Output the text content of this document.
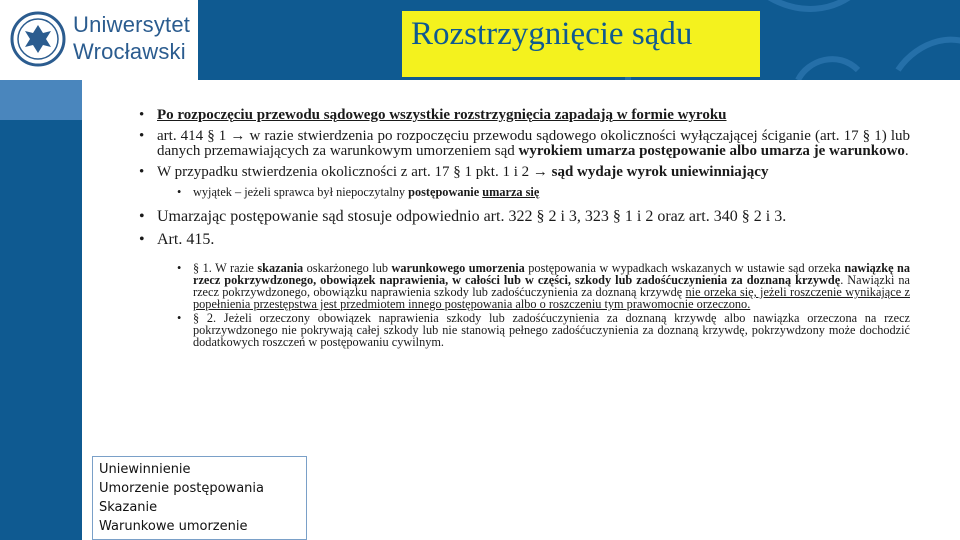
Uniwersytet
Wrocławski	Rozstrzygnięcie sądu
• Po rozpoczęciu przewodu sądowego wszystkie rozstrzygnięcia zapadają w formie wyroku
• art. 414 § 1 → w razie stwierdzenia po rozpoczęciu przewodu sądowego okoliczności wyłączającej ściganie (art. 17 § 1) lub danych przemawiających za warunkowym umorzeniem sąd wyrokiem umarza postępowanie albo umarza je warunkowo.
• W przypadku stwierdzenia okoliczności z art. 17 § 1 pkt. 1 i 2 → sąd wydaje wyrok uniewinniający
• wyjątek – jeżeli sprawca był niepoczytalny postępowanie umarza się
• Umarzając postępowanie sąd stosuje odpowiednio art. 322 § 2 i 3, 323 § 1 i 2 oraz art. 340 § 2 i 3.
• Art. 415.
• § 1. W razie skazania oskarżonego lub warunkowego umorzenia postępowania w wypadkach wskazanych w ustawie sąd orzeka nawiązkę na rzecz pokrzywdzonego, obowiązek naprawienia, w całości lub w części, szkody lub zadośćuczynienia za doznaną krzywdę. Nawiązki na rzecz pokrzywdzonego, obowiązku naprawienia szkody lub zadośćuczynienia za doznaną krzywdę nie orzeka się, jeżeli roszczenie wynikające z popełnienia przestępstwa jest przedmiotem innego postępowania albo o roszczeniu tym prawomocnie orzeczono.
• § 2. Jeżeli orzeczony obowiązek naprawienia szkody lub zadośćuczynienia za doznaną krzywdę albo nawiązka orzeczona na rzecz pokrzywdzonego nie pokrywają całej szkody lub nie stanowią pełnego zadośćuczynienia za doznaną krzywdę, pokrzywdzony może dochodzić dodatkowych roszczeń w postępowaniu cywilnym.
Uniewinnienie
Umorzenie postępowania
Skazanie
Warunkowe umorzenie
